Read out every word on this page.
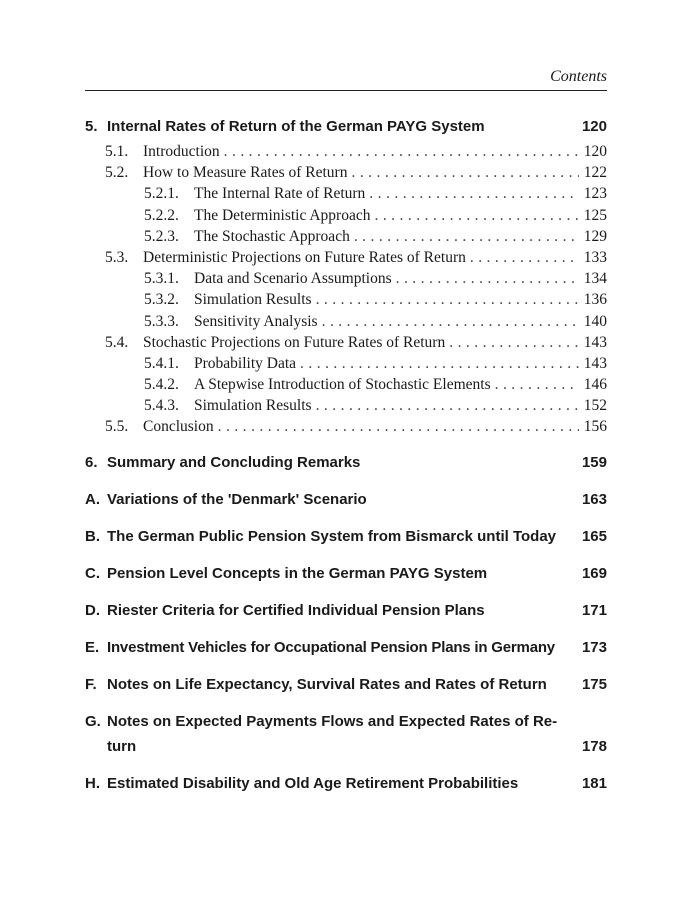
Contents
5. Internal Rates of Return of the German PAYG System	120
5.1. Introduction . . .	120
5.2. How to Measure Rates of Return . . .	122
5.2.1. The Internal Rate of Return . . .	123
5.2.2. The Deterministic Approach . . .	125
5.2.3. The Stochastic Approach . . .	129
5.3. Deterministic Projections on Future Rates of Return . . .	133
5.3.1. Data and Scenario Assumptions . . .	134
5.3.2. Simulation Results . . .	136
5.3.3. Sensitivity Analysis . . .	140
5.4. Stochastic Projections on Future Rates of Return . . .	143
5.4.1. Probability Data . . .	143
5.4.2. A Stepwise Introduction of Stochastic Elements . . .	146
5.4.3. Simulation Results . . .	152
5.5. Conclusion . . .	156
6. Summary and Concluding Remarks	159
A. Variations of the 'Denmark' Scenario	163
B. The German Public Pension System from Bismarck until Today 165
C. Pension Level Concepts in the German PAYG System	169
D. Riester Criteria for Certified Individual Pension Plans	171
E. Investment Vehicles for Occupational Pension Plans in Germany 173
F. Notes on Life Expectancy, Survival Rates and Rates of Return 175
G. Notes on Expected Payments Flows and Expected Rates of Re-
turn	178
H. Estimated Disability and Old Age Retirement Probabilities	181
